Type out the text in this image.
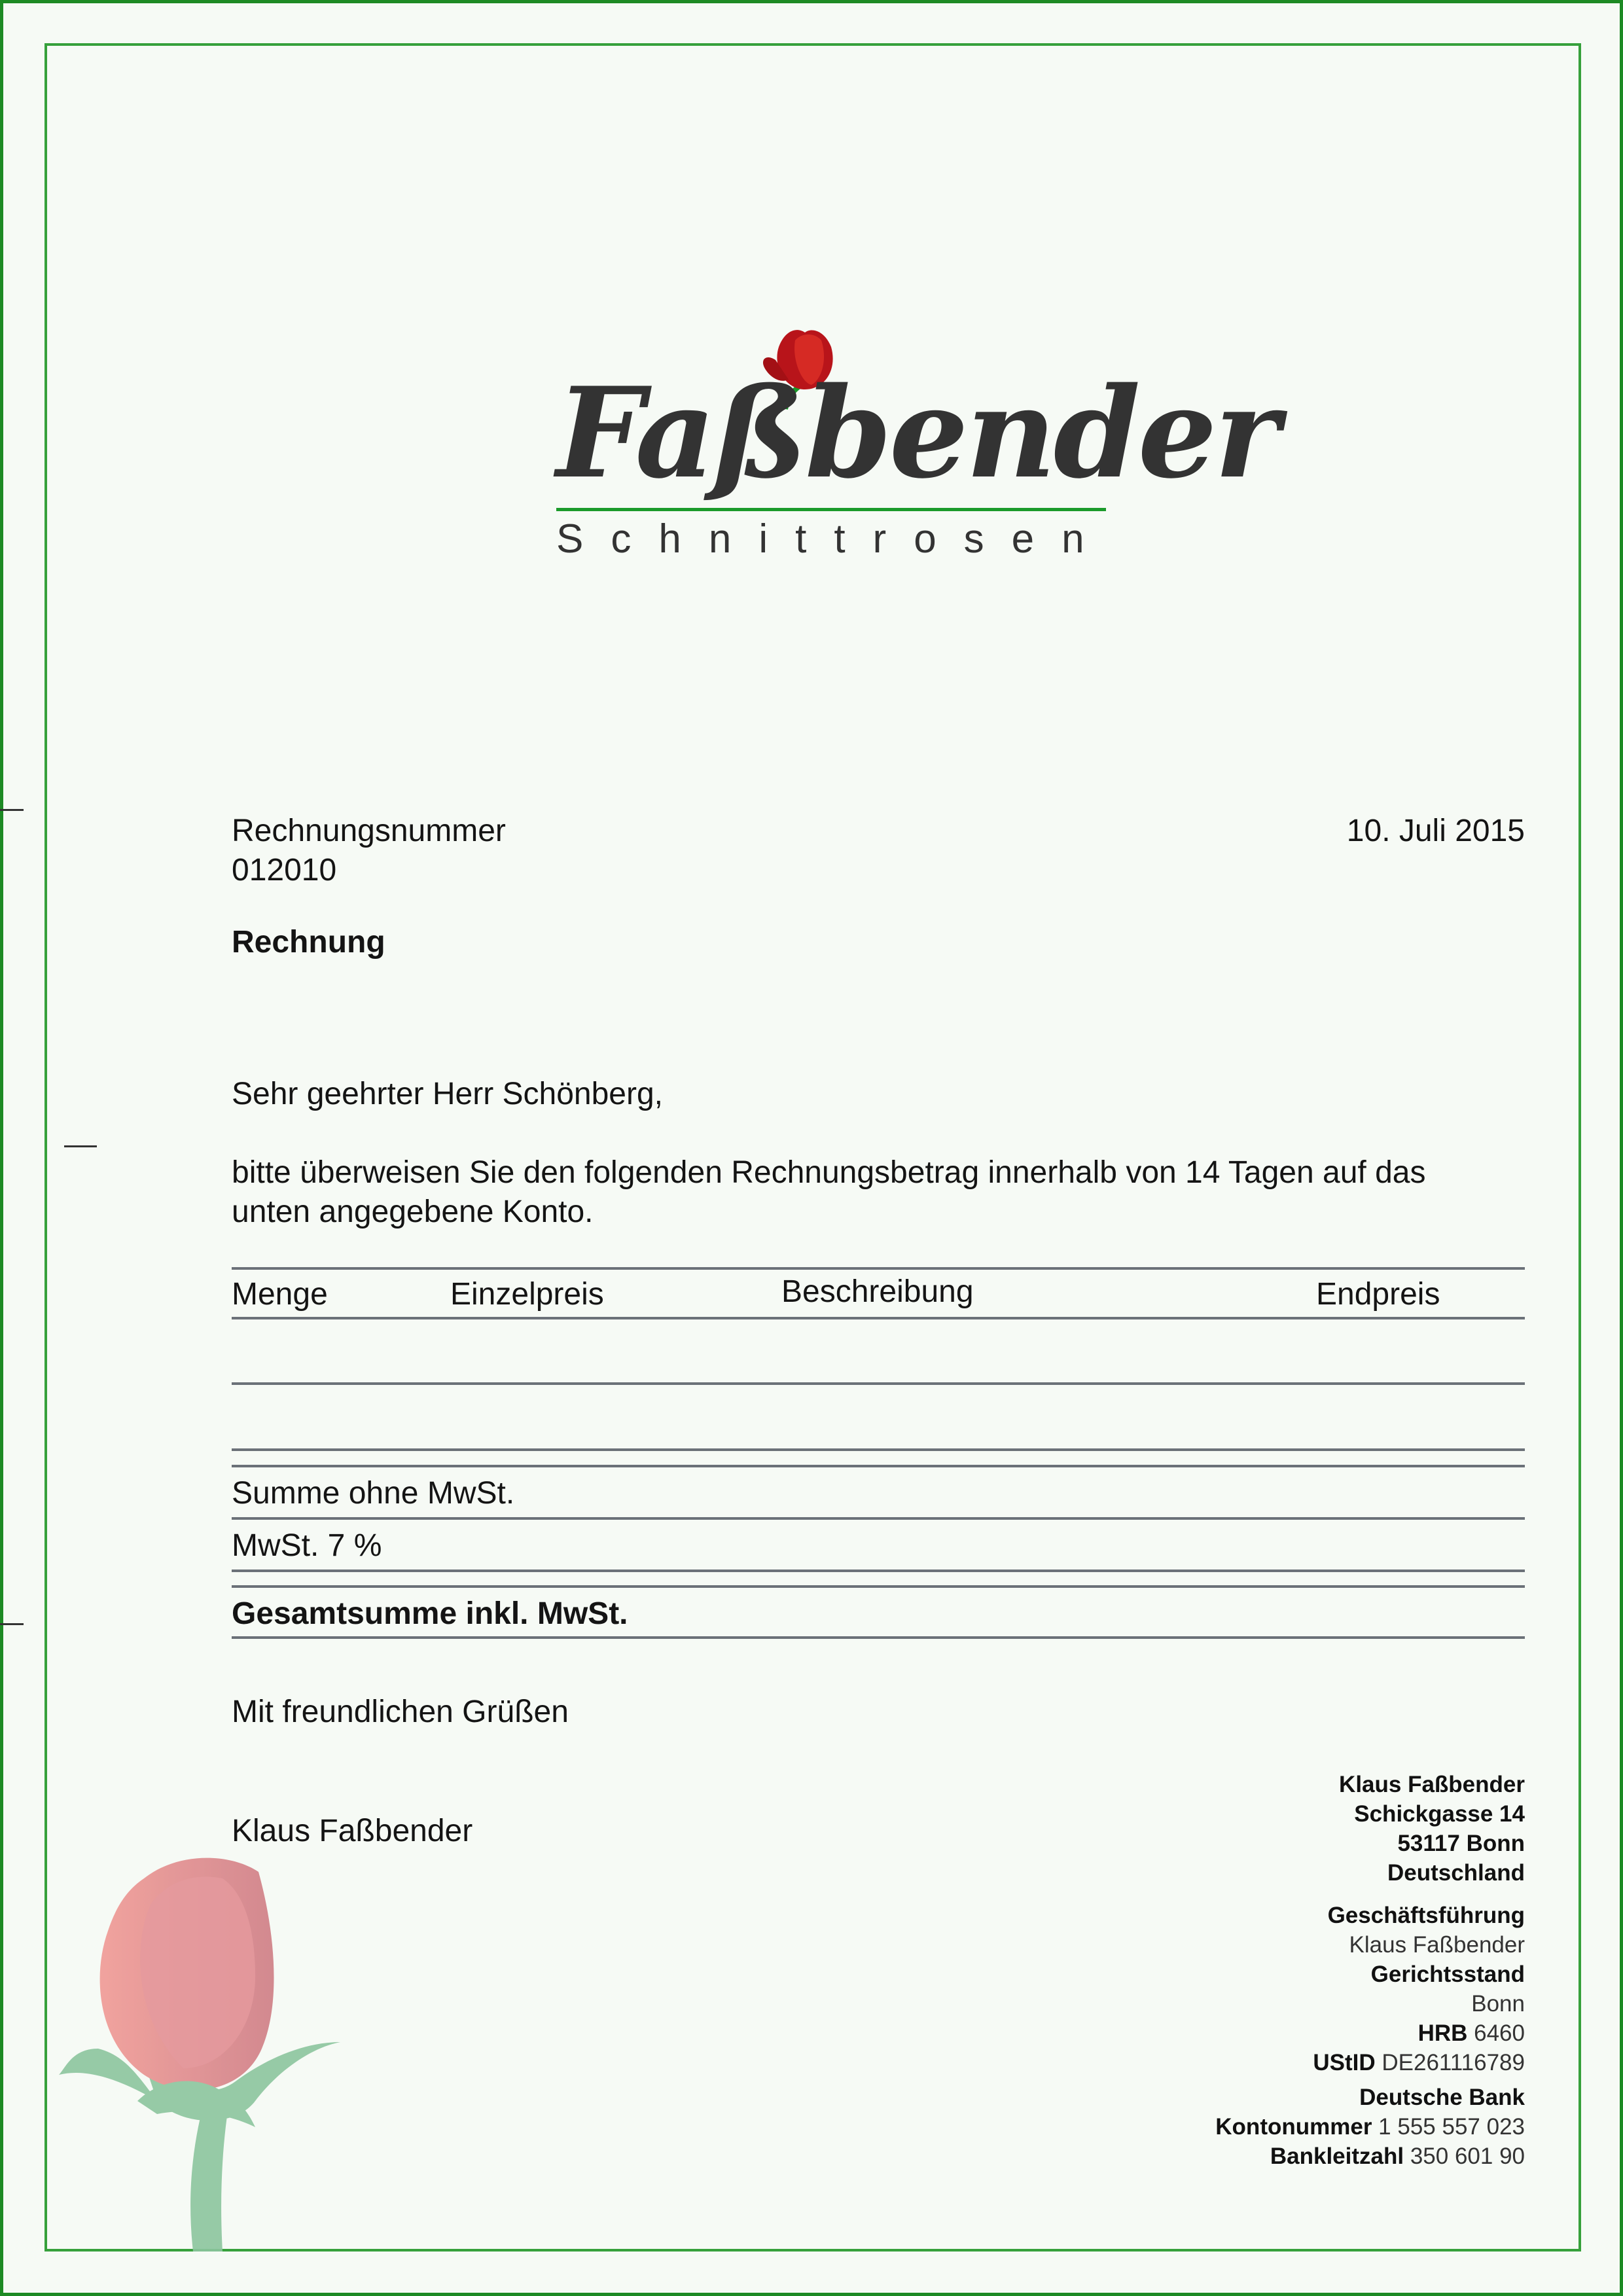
Faßbender
Schnittrosen
Rechnungsnummer
012010
10. Juli 2015
Rechnung
Sehr geehrter Herr Schönberg,
bitte überweisen Sie den folgenden Rechnungsbetrag innerhalb von 14 Tagen auf das
unten angegebene Konto.
Menge	Einzelpreis	Beschreibung	Endpreis
Summe ohne MwSt.
MwSt. 7 %
Gesamtsumme inkl. MwSt.
Mit freundlichen Grüßen
Klaus Faßbender
Klaus Faßbender
Schickgasse 14
53117 Bonn
Deutschland
Geschäftsführung
Klaus Faßbender
Gerichtsstand
Bonn
HRB 6460
UStID DE261116789
Deutsche Bank
Kontonummer 1 555 557 023
Bankleitzahl 350 601 90
